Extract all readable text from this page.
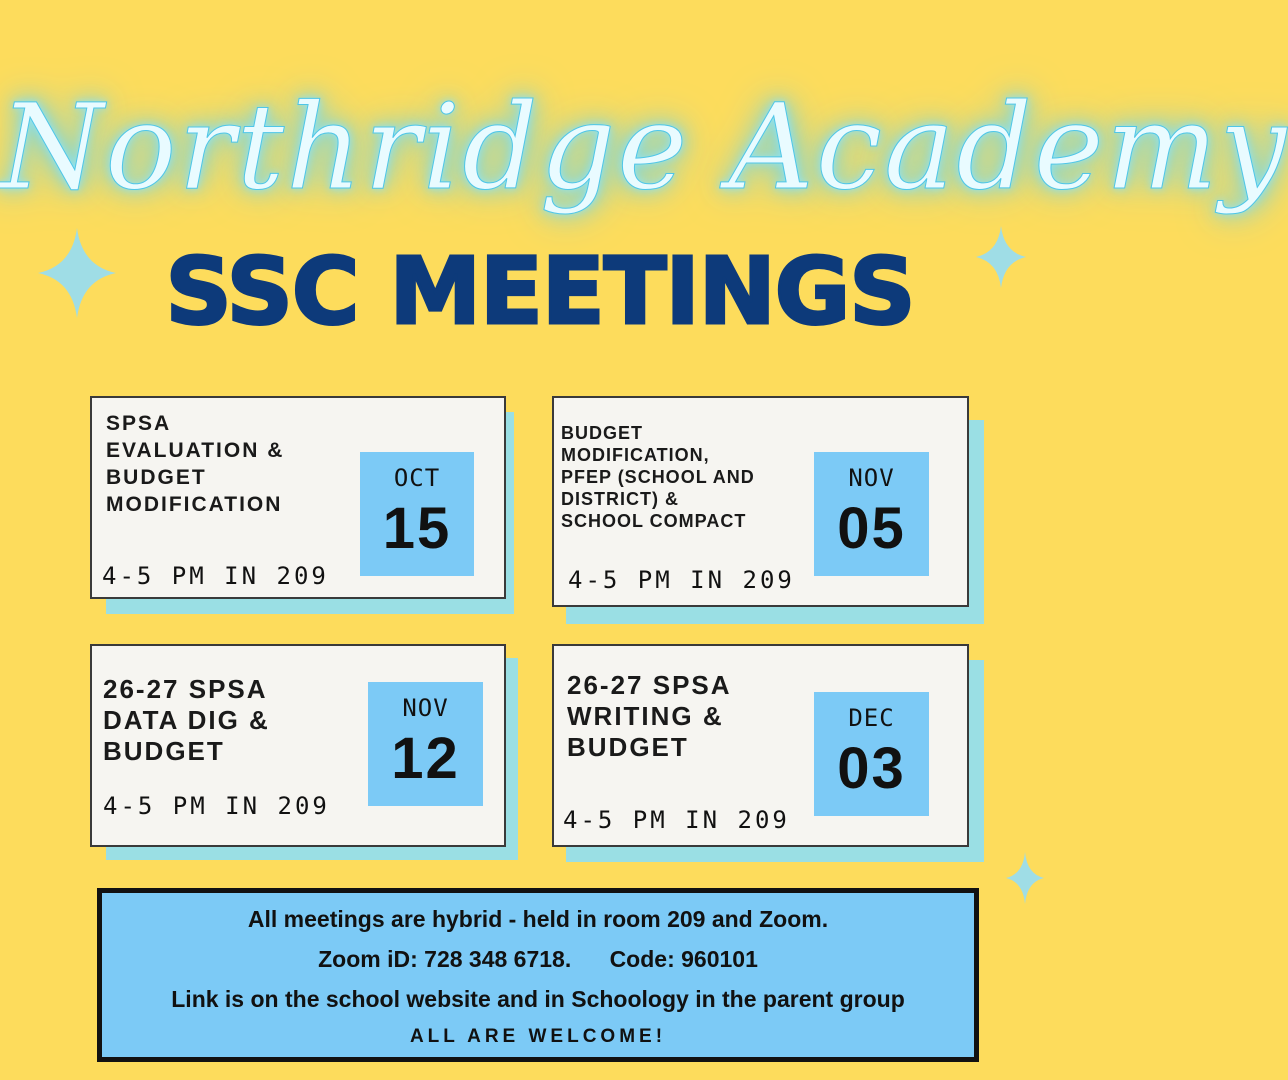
Northridge Academy
SSC MEETINGS
SPSA
EVALUATION &
BUDGET
MODIFICATION
4-5 PM IN 209
OCT
15
BUDGET
MODIFICATION,
PFEP (SCHOOL AND
DISTRICT) &
SCHOOL COMPACT
4-5 PM IN 209
NOV
05
26-27 SPSA
DATA DIG &
BUDGET
4-5 PM IN 209
NOV
12
26-27 SPSA
WRITING &
BUDGET
4-5 PM IN 209
DEC
03
All meetings are hybrid - held in room 209 and Zoom.
Zoom iD: 728 348 6718.      Code: 960101
Link is on the school website and in Schoology in the parent group
ALL ARE WELCOME!
